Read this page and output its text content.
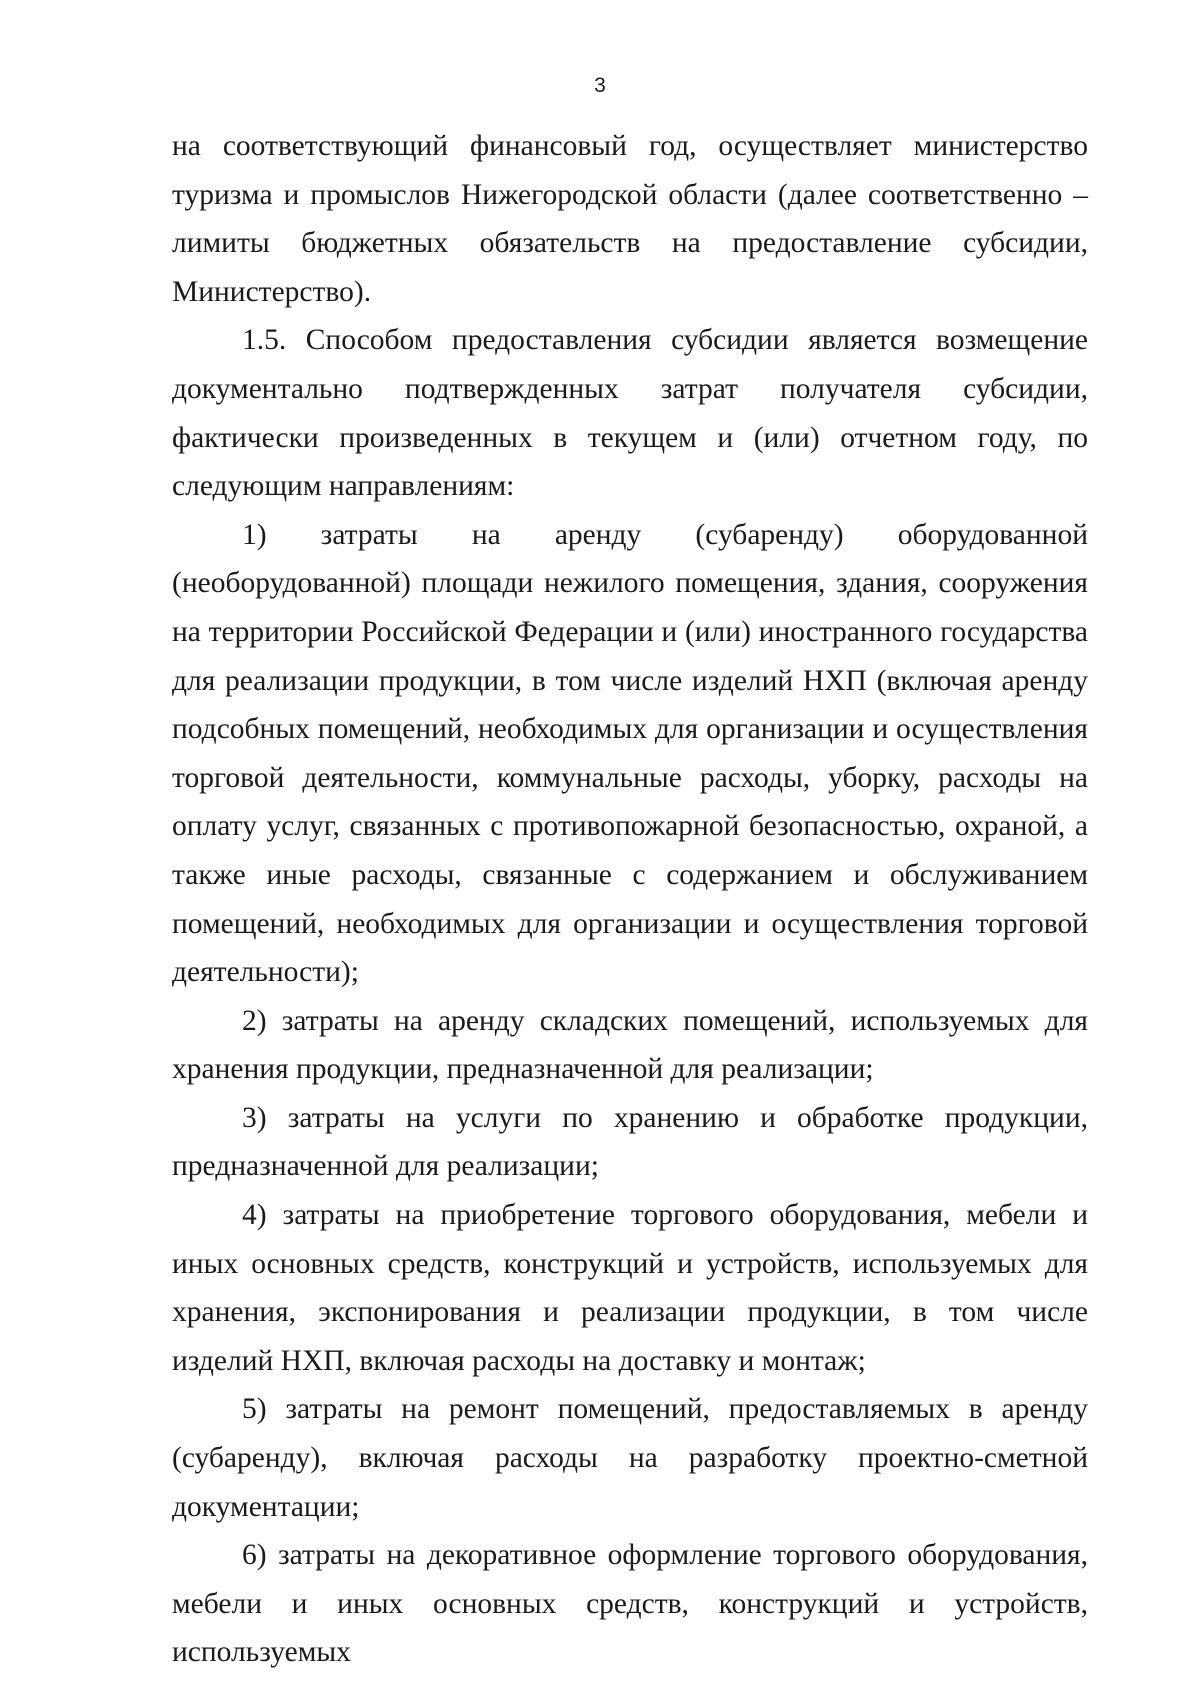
3

на соответствующий финансовый год, осуществляет министерство туризма и промыслов Нижегородской области (далее соответственно – лимиты бюджетных обязательств на предоставление субсидии, Министерство).

1.5. Способом предоставления субсидии является возмещение документально подтвержденных затрат получателя субсидии, фактически произведенных в текущем и (или) отчетном году, по следующим направлениям:

1) затраты на аренду (субаренду) оборудованной (необорудованной) площади нежилого помещения, здания, сооружения на территории Российской Федерации и (или) иностранного государства для реализации продукции, в том числе изделий НХП (включая аренду подсобных помещений, необходимых для организации и осуществления торговой деятельности, коммунальные расходы, уборку, расходы на оплату услуг, связанных с противопожарной безопасностью, охраной, а также иные расходы, связанные с содержанием и обслуживанием помещений, необходимых для организации и осуществления торговой деятельности);

2) затраты на аренду складских помещений, используемых для хранения продукции, предназначенной для реализации;

3) затраты на услуги по хранению и обработке продукции, предназначенной для реализации;

4) затраты на приобретение торгового оборудования, мебели и иных основных средств, конструкций и устройств, используемых для хранения, экспонирования и реализации продукции, в том числе изделий НХП, включая расходы на доставку и монтаж;

5) затраты на ремонт помещений, предоставляемых в аренду (субаренду), включая расходы на разработку проектно-сметной документации;

6) затраты на декоративное оформление торгового оборудования, мебели и иных основных средств, конструкций и устройств, используемых
